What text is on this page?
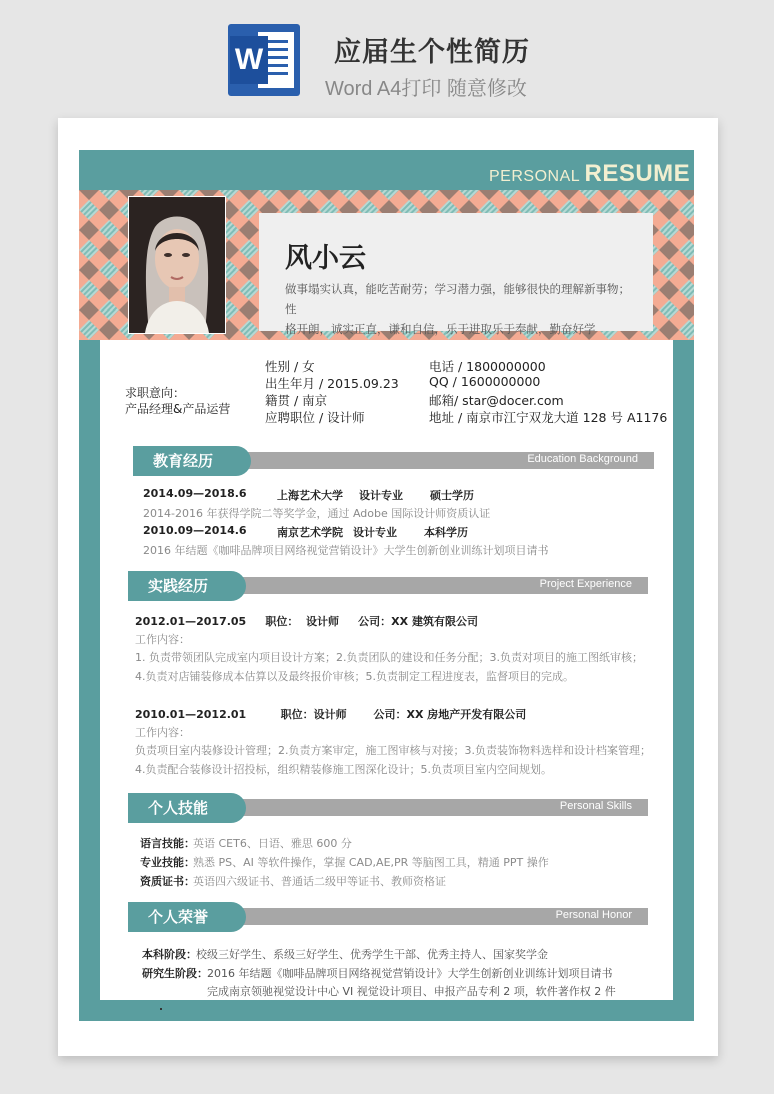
W	应届生个性简历
Word A4打印 随意修改
PERSONAL RESUME
风小云
做事塌实认真，能吃苦耐劳；学习潜力强，能够很快的理解新事物；性
格开朗，诚实正直，谦和自信，乐于进取乐于奉献，勤奋好学
求职意向：
产品经理&产品运营
性别 / 女
出生年月 / 2015.09.23
籍贯 / 南京
应聘职位 / 设计师
电话 / 1800000000
QQ / 1600000000
邮箱/ star@docer.com
地址 / 南京市江宁双龙大道 128 号 A1176
Education Background
教育经历
2014.09—2018.6	上海艺术大学 设计专业 硕士学历
2014-2016 年获得学院二等奖学金，通过 Adobe 国际设计师资质认证
2010.09—2014.6	南京艺术学院 设计专业 本科学历
2016 年结题《咖啡品牌项目网络视觉营销设计》大学生创新创业训练计划项目请书
Project Experience
实践经历
2012.01—2017.05     职位：  设计师     公司：XX 建筑有限公司
工作内容：
1. 负责带领团队完成室内项目设计方案；2.负责团队的建设和任务分配；3.负责对项目的施工图纸审核；
4.负责对店铺装修成本估算以及最终报价审核；5.负责制定工程进度表，监督项目的完成。
2010.01—2012.01         职位：设计师       公司：XX 房地产开发有限公司
工作内容：
负责项目室内装修设计管理；2.负责方案审定，施工图审核与对接；3.负责装饰物料选样和设计档案管理；
4.负责配合装修设计招投标，组织精装修施工图深化设计；5.负责项目室内空间规划。
Personal Skills
个人技能
语言技能：
英语 CET6、日语、雅思 600 分
专业技能：
熟悉 PS、AI 等软件操作，掌握 CAD,AE,PR 等脑图工具，精通 PPT 操作
资质证书：
英语四六级证书、普通话二级甲等证书、教师资格证
Personal Honor
个人荣誉
本科阶段： 校级三好学生、系级三好学生、优秀学生干部、优秀主持人、国家奖学金
研究生阶段： 2016 年结题《咖啡品牌项目网络视觉营销设计》大学生创新创业训练计划项目请书
完成南京领驰视觉设计中心 VI 视觉设计项目、申报产品专利 2 项，软件著作权 2 件
